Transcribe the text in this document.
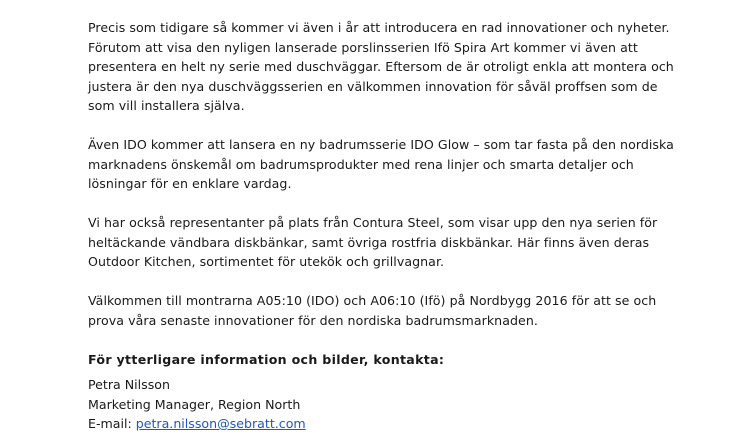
Precis som tidigare så kommer vi även i år att introducera en rad innovationer och nyheter.
Förutom att visa den nyligen lanserade porslinsserien Ifö Spira Art kommer vi även att
presentera en helt ny serie med duschväggar. Eftersom de är otroligt enkla att montera och
justera är den nya duschväggsserien en välkommen innovation för såväl proffsen som de
som vill installera själva.

Även IDO kommer att lansera en ny badrumsserie IDO Glow – som tar fasta på den nordiska
marknadens önskemål om badrumsprodukter med rena linjer och smarta detaljer och
lösningar för en enklare vardag.

Vi har också representanter på plats från Contura Steel, som visar upp den nya serien för
heltäckande vändbara diskbänkar, samt övriga rostfria diskbänkar. Här finns även deras
Outdoor Kitchen, sortimentet för utekök och grillvagnar.

Välkommen till montrarna A05:10 (IDO) och A06:10 (Ifö) på Nordbygg 2016 för att se och
prova våra senaste innovationer för den nordiska badrumsmarknaden.

För ytterligare information och bilder, kontakta:
Petra Nilsson
Marketing Manager, Region North
E-mail: petra.nilsson@sebratt.com
